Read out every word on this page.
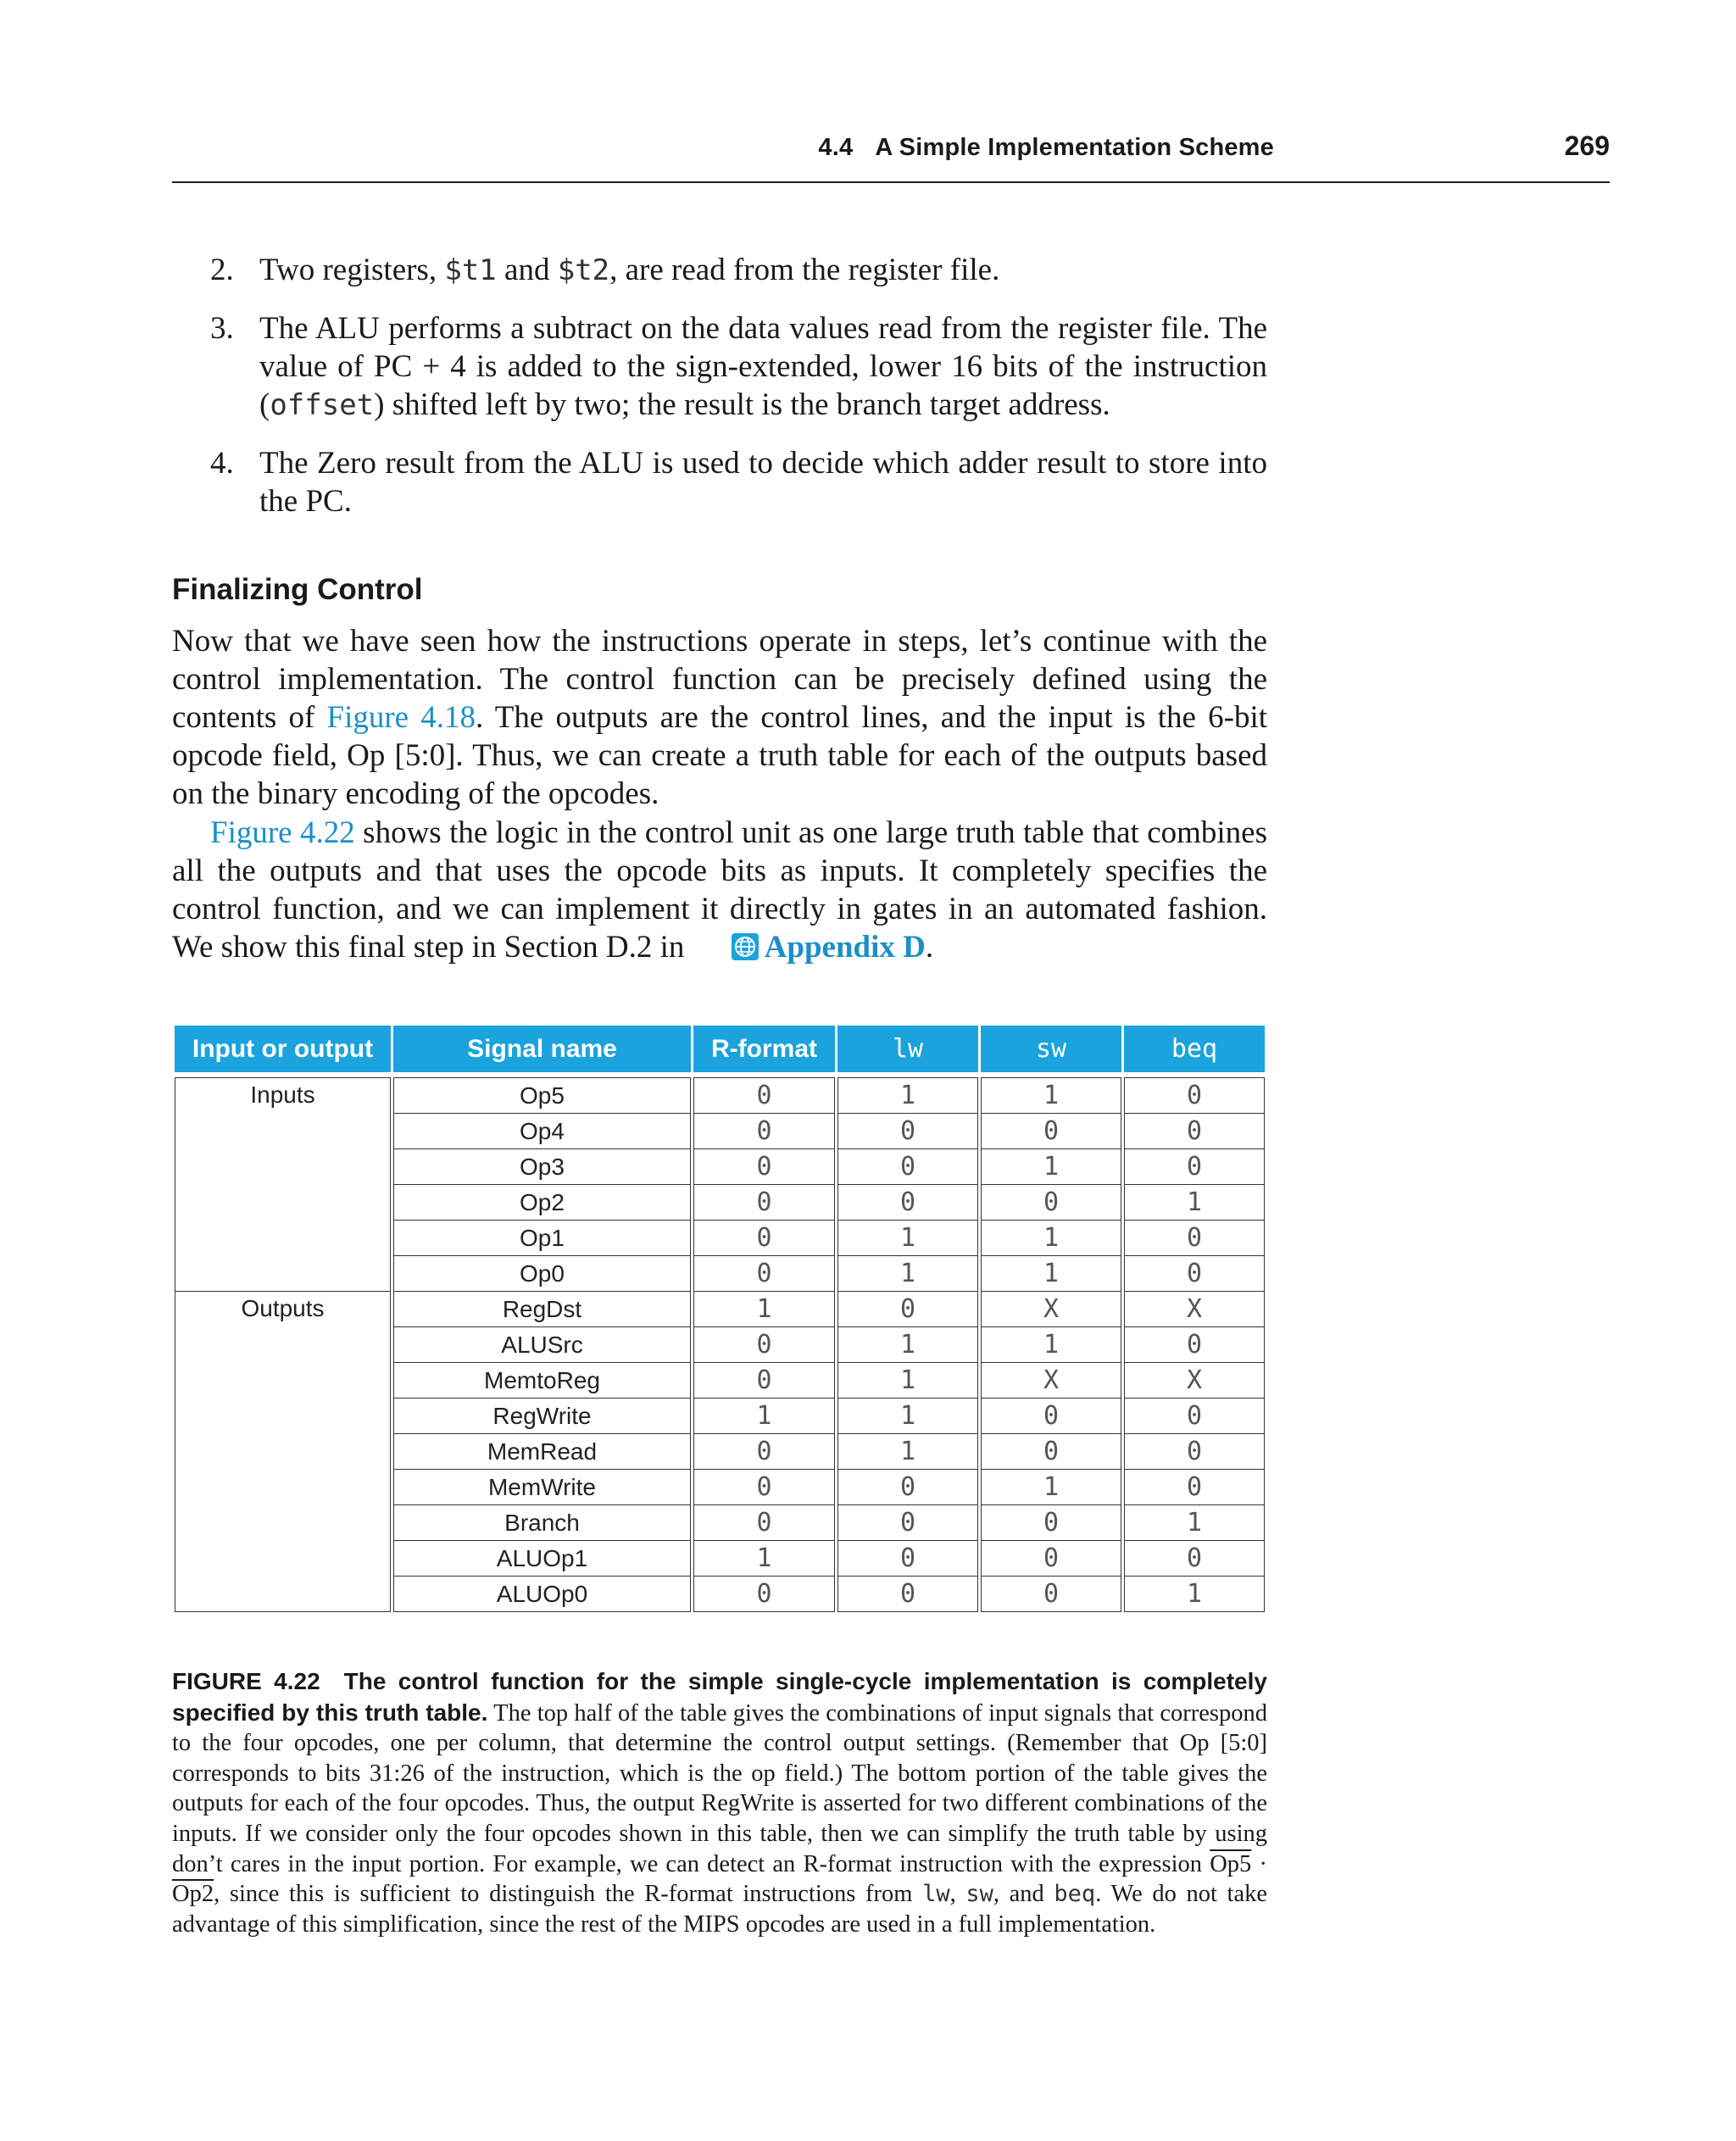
4.4 A Simple Implementation Scheme	269
2. Two registers, $t1 and $t2, are read from the register file.
3. The ALU performs a subtract on the data values read from the register file. The value of PC + 4 is added to the sign-extended, lower 16 bits of the instruction (offset) shifted left by two; the result is the branch target address.
4. The Zero result from the ALU is used to decide which adder result to store into the PC.
Finalizing Control

Now that we have seen how the instructions operate in steps, let’s continue with the control implementation. The control function can be precisely defined using the contents of Figure 4.18. The outputs are the control lines, and the input is the 6-bit opcode field, Op [5:0]. Thus, we can create a truth table for each of the outputs based on the binary encoding of the opcodes.

Figure 4.22 shows the logic in the control unit as one large truth table that combines all the outputs and that uses the opcode bits as inputs. It completely specifies the control function, and we can implement it directly in gates in an automated fashion. We show this final step in Section D.2 in Appendix D.

Input or output	Signal name	R-format	lw	sw	beq
Inputs	Op5	0	1	1	0
	Op4	0	0	0	0
	Op3	0	0	1	0
	Op2	0	0	0	1
	Op1	0	1	1	0
	Op0	0	1	1	0
Outputs	RegDst	1	0	X	X
	ALUSrc	0	1	1	0
	MemtoReg	0	1	X	X
	RegWrite	1	1	0	0
	MemRead	0	1	0	0
	MemWrite	0	0	1	0
	Branch	0	0	0	1
	ALUOp1	1	0	0	0
	ALUOp0	0	0	0	1

FIGURE 4.22 The control function for the simple single-cycle implementation is completely specified by this truth table. The top half of the table gives the combinations of input signals that correspond to the four opcodes, one per column, that determine the control output settings. (Remember that Op [5:0] corresponds to bits 31:26 of the instruction, which is the op field.) The bottom portion of the table gives the outputs for each of the four opcodes. Thus, the output RegWrite is asserted for two different combinations of the inputs. If we consider only the four opcodes shown in this table, then we can simplify the truth table by using don’t cares in the input portion. For example, we can detect an R-format instruction with the expression Op5 · Op2, since this is sufficient to distinguish the R-format instructions from lw, sw, and beq. We do not take advantage of this simplification, since the rest of the MIPS opcodes are used in a full implementation.
